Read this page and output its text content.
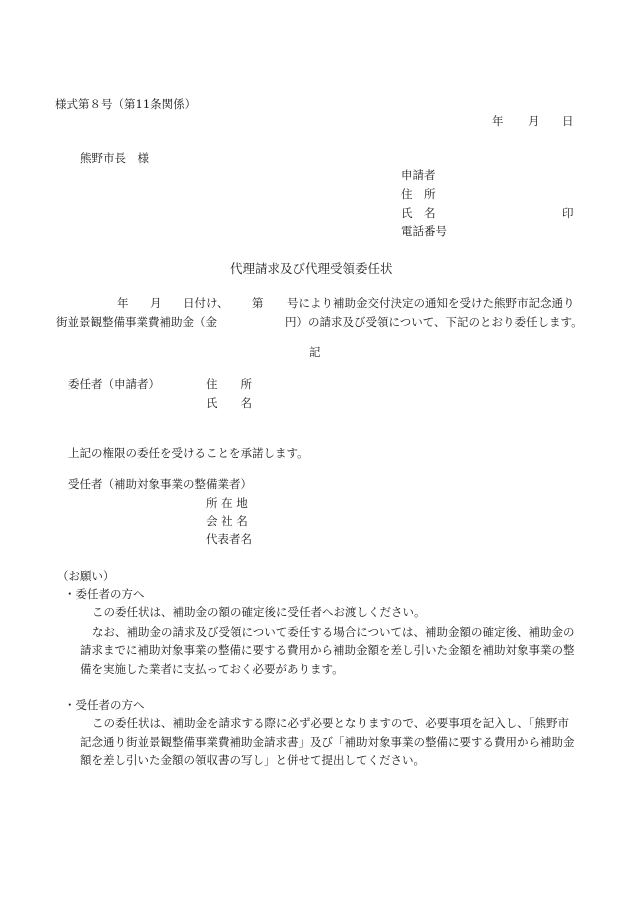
様式第８号（第11条関係）
年 月 日
熊野市長　様
申請者
住　所
氏　名	印
電話番号
代理請求及び代理受領委任状
年 月 日付け、 第 号により補助金交付決定の通知を受けた熊野市記念通り
街並景観整備事業費補助金（金	円）の請求及び受領について、下記のとおり委任します。
記
委任者（申請者）	住　　所
氏　　名
上記の権限の委任を受けることを承諾します。
受任者（補助対象事業の整備業者）
所 在 地
会 社 名
代表者名
（お願い）
・委任者の方へ
この委任状は、補助金の額の確定後に受任者へお渡しください。
なお、補助金の請求及び受領について委任する場合については、補助金額の確定後、補助金の
請求までに補助対象事業の整備に要する費用から補助金額を差し引いた金額を補助対象事業の整
備を実施した業者に支払っておく必要があります。
・受任者の方へ
この委任状は、補助金を請求する際に必ず必要となりますので、必要事項を記入し、「熊野市
記念通り街並景観整備事業費補助金請求書」及び「補助対象事業の整備に要する費用から補助金
額を差し引いた金額の領収書の写し」と併せて提出してください。
